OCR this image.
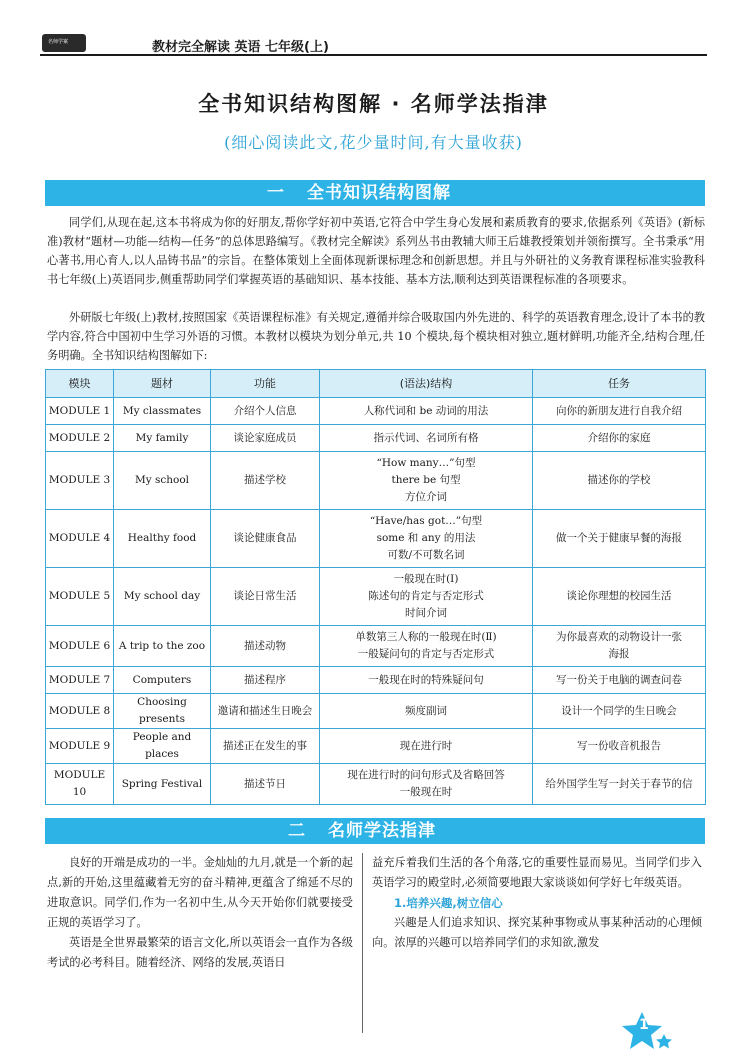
名师学案	教材完全解读 英语 七年级(上)
全书知识结构图解 · 名师学法指津
(细心阅读此文,花少量时间,有大量收获)
一 全书知识结构图解

同学们,从现在起,这本书将成为你的好朋友,帮你学好初中英语,它符合中学生身心发展和素质教育的要求,依据系列《英语》(新标准)教材“题材—功能—结构—任务”的总体思路编写。《教材完全解读》系列丛书由教辅大师王后雄教授策划并领衔撰写。全书秉承“用心著书,用心育人,以人品铸书品”的宗旨。在整体策划上全面体现新课标理念和创新思想。并且与外研社的义务教育课程标准实验教科书七年级(上)英语同步,侧重帮助同学们掌握英语的基础知识、基本技能、基本方法,顺利达到英语课程标准的各项要求。

外研版七年级(上)教材,按照国家《英语课程标准》有关规定,遵循并综合吸取国内外先进的、科学的英语教育理念,设计了本书的教学内容,符合中国初中生学习外语的习惯。本教材以模块为划分单元,共 10 个模块,每个模块相对独立,题材鲜明,功能齐全,结构合理,任务明确。全书知识结构图解如下:

模块	题材	功能	(语法)结构	任务
MODULE 1	My classmates	介绍个人信息	人称代词和 be 动词的用法	向你的新朋友进行自我介绍

MODULE 2	My family	谈论家庭成员	指示代词、名词所有格	介绍你的家庭

MODULE 3	My school	描述学校	“How many…”句型
there be 句型
方位介词	描述你的学校

MODULE 4	Healthy food	谈论健康食品	“Have/has got…”句型
some 和 any 的用法
可数/不可数名词	做一个关于健康早餐的海报

MODULE 5	My school day	谈论日常生活	一般现在时(Ⅰ)
陈述句的肯定与否定形式
时间介词	谈论你理想的校园生活

MODULE 6	A trip to the zoo	描述动物	单数第三人称的一般现在时(Ⅱ)
一般疑问句的肯定与否定形式	为你最喜欢的动物设计一张
海报

MODULE 7	Computers	描述程序	一般现在时的特殊疑问句	写一份关于电脑的调查问卷

MODULE 8	Choosing presents	邀请和描述生日晚会	频度副词	设计一个同学的生日晚会

MODULE 9	People and places	描述正在发生的事	现在进行时	写一份收音机报告

MODULE 10	Spring Festival	描述节日	现在进行时的问句形式及省略回答
一般现在时	给外国学生写一封关于春节的信
二 名师学法指津

良好的开端是成功的一半。金灿灿的九月,就是一个新的起点,新的开始,这里蕴藏着无穷的奋斗精神,更蕴含了绵延不尽的进取意识。同学们,作为一名初中生,从今天开始你们就要接受正规的英语学习了。

英语是全世界最繁荣的语言文化,所以英语会一直作为各级考试的必考科目。随着经济、网络的发展,英语日

益充斥着我们生活的各个角落,它的重要性显而易见。当同学们步入英语学习的殿堂时,必须简要地跟大家谈谈如何学好七年级英语。

1.培养兴趣,树立信心

兴趣是人们追求知识、探究某种事物或从事某种活动的心理倾向。浓厚的兴趣可以培养同学们的求知欲,激发

1
